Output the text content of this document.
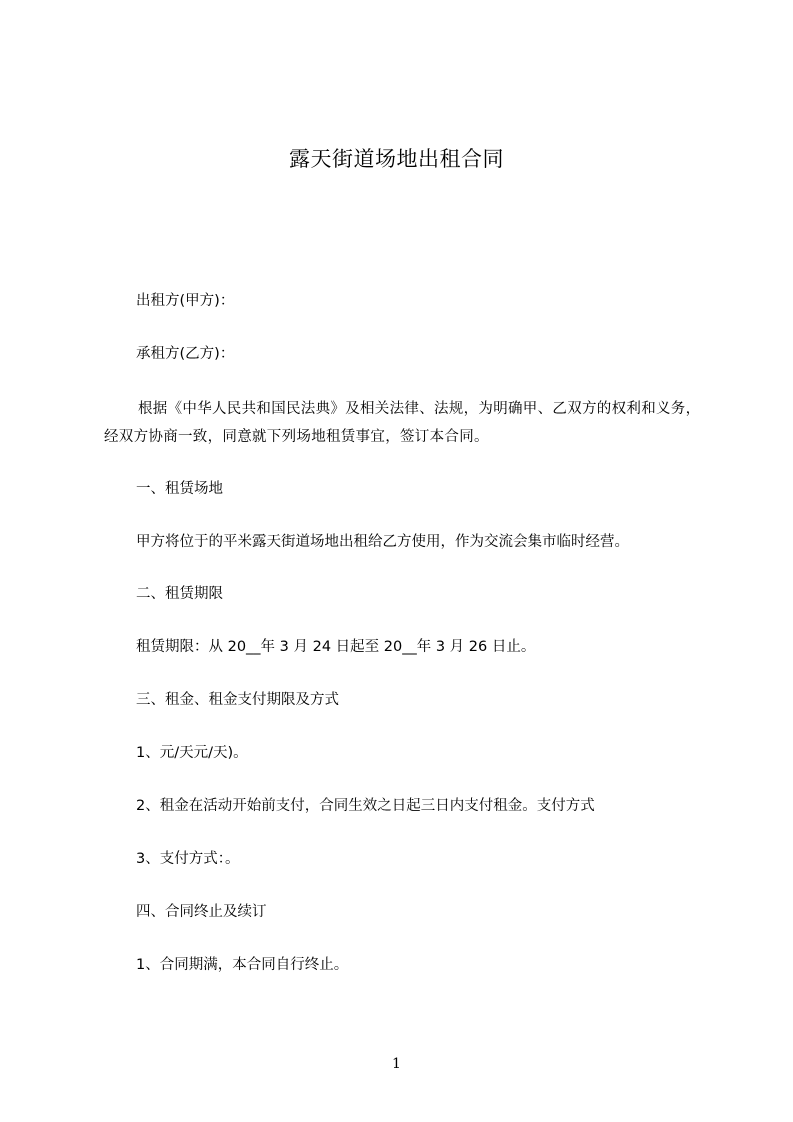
露天街道场地出租合同
出租方(甲方)：
承租方(乙方)：
根据《中华人民共和国民法典》及相关法律、法规，为明确甲、乙双方的权利和义务，经双方协商一致，同意就下列场地租赁事宜，签订本合同。
一、租赁场地
甲方将位于的平米露天街道场地出租给乙方使用，作为交流会集市临时经营。
二、租赁期限
租赁期限：从 20__年 3 月 24 日起至 20__年 3 月 26 日止。
三、租金、租金支付期限及方式
1、元/天元/天)。
2、租金在活动开始前支付，合同生效之日起三日内支付租金。支付方式
3、支付方式：。
四、合同终止及续订
1、合同期满，本合同自行终止。
1
